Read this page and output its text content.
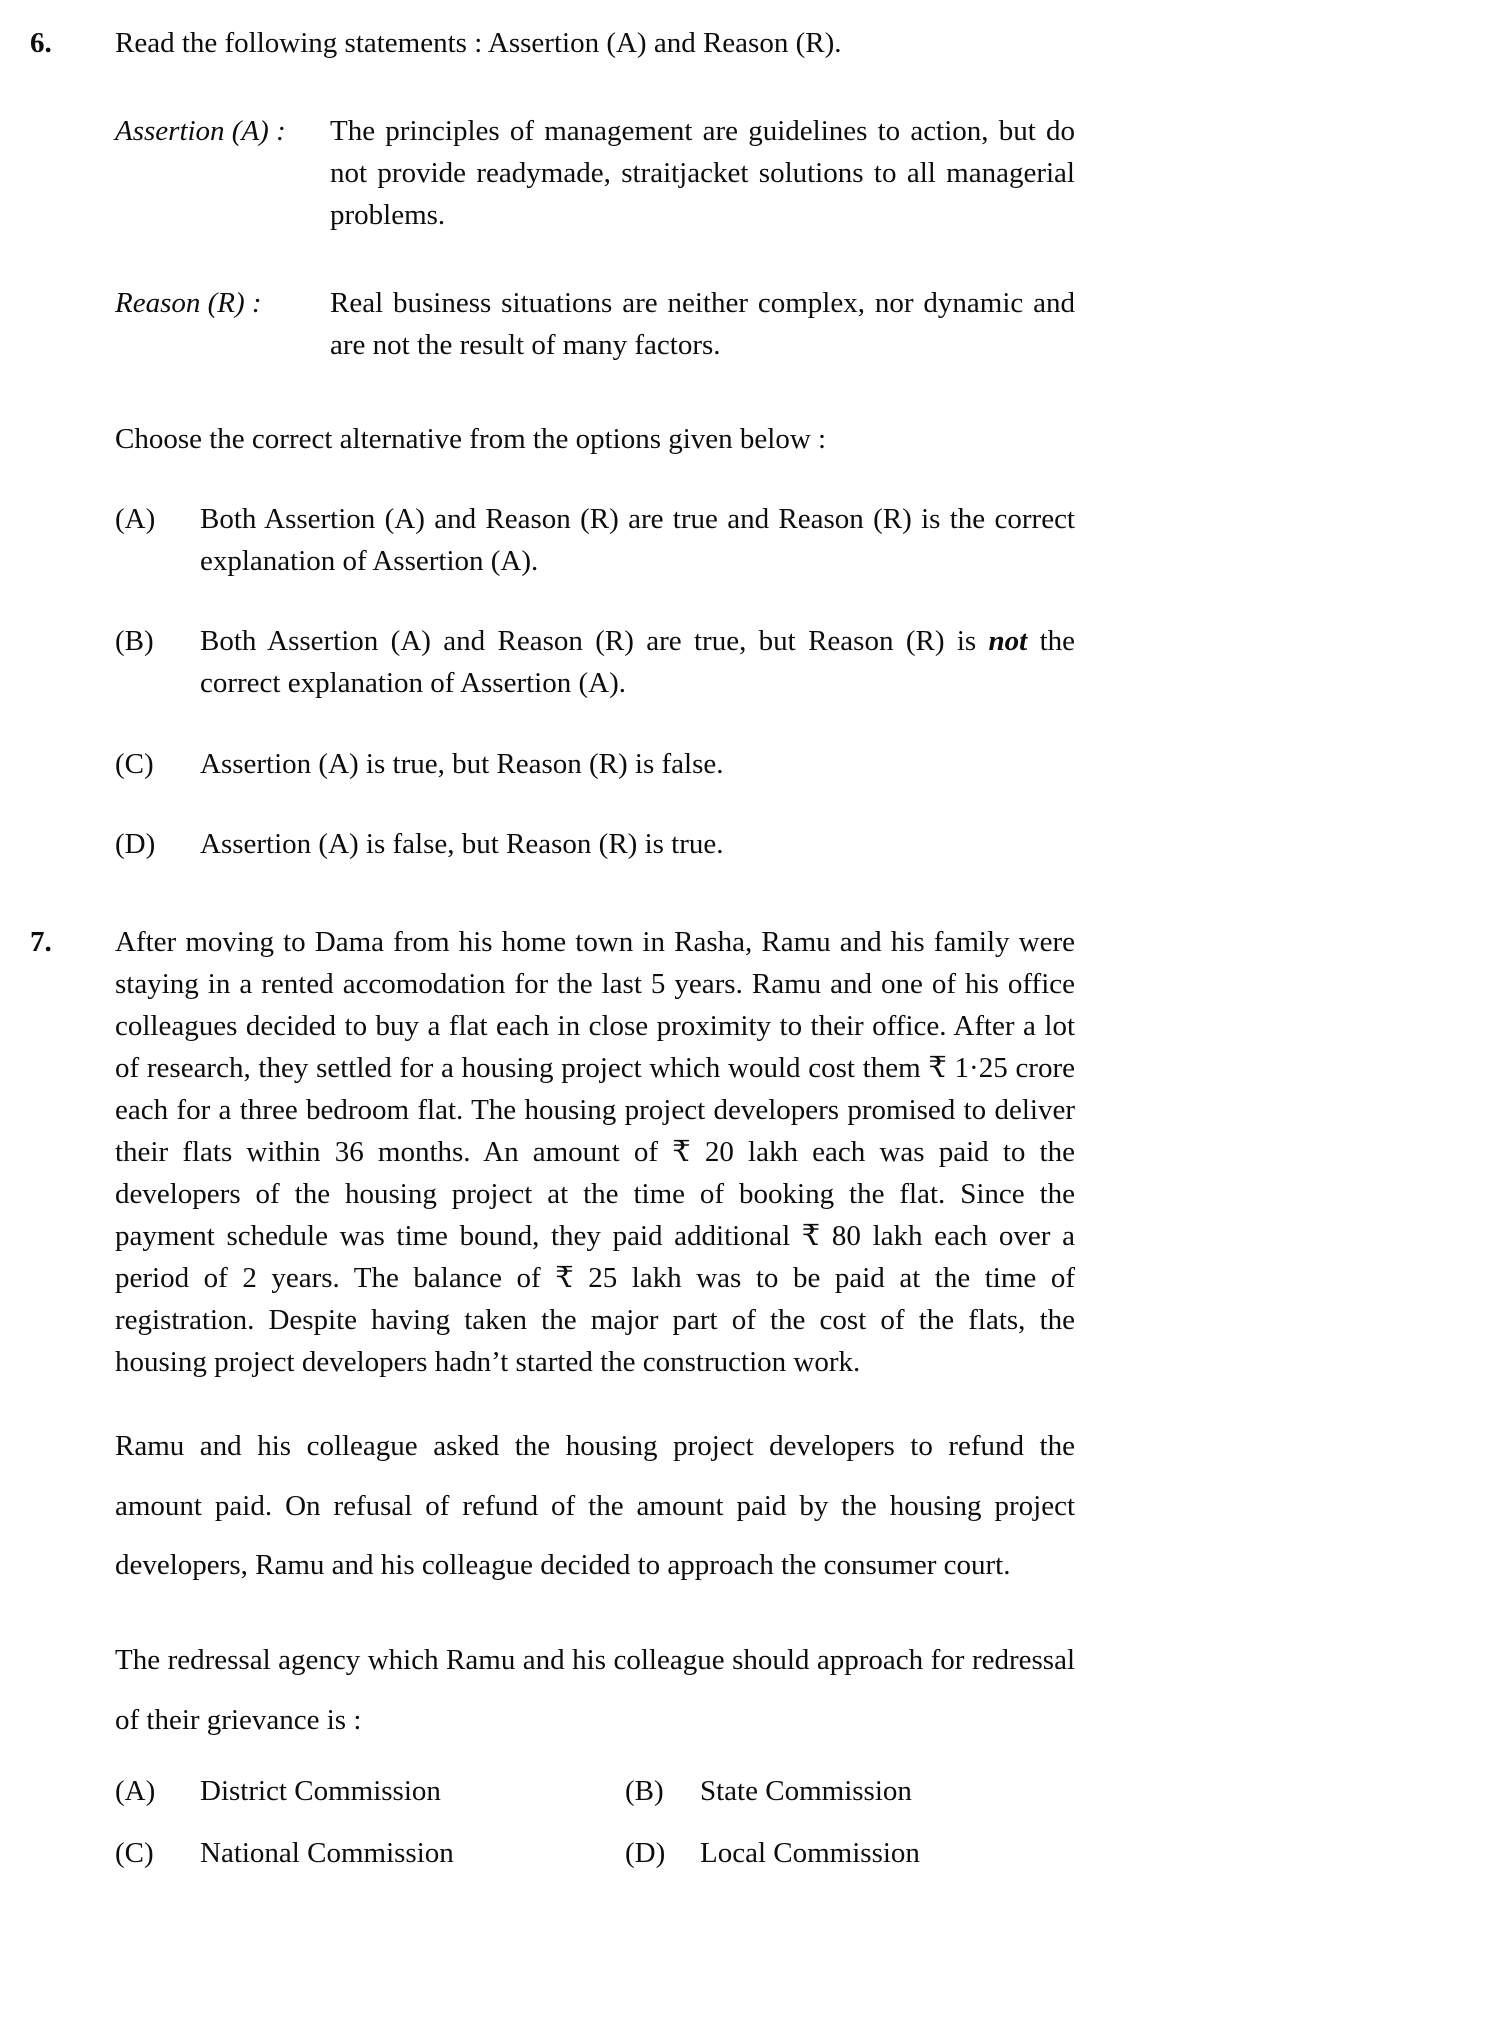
6.	Read the following statements : Assertion (A) and Reason (R).
Assertion (A) :	The principles of management are guidelines to action, but do not provide readymade, straitjacket solutions to all managerial problems.
Reason (R) :	Real business situations are neither complex, nor dynamic and are not the result of many factors.
Choose the correct alternative from the options given below :
(A)	Both Assertion (A) and Reason (R) are true and Reason (R) is the correct explanation of Assertion (A).
(B)	Both Assertion (A) and Reason (R) are true, but Reason (R) is not the correct explanation of Assertion (A).
(C)	Assertion (A) is true, but Reason (R) is false.
(D)	Assertion (A) is false, but Reason (R) is true.
7.	After moving to Dama from his home town in Rasha, Ramu and his family were staying in a rented accomodation for the last 5 years. Ramu and one of his office colleagues decided to buy a flat each in close proximity to their office. After a lot of research, they settled for a housing project which would cost them ₹ 1·25 crore each for a three bedroom flat. The housing project developers promised to deliver their flats within 36 months. An amount of ₹ 20 lakh each was paid to the developers of the housing project at the time of booking the flat. Since the payment schedule was time bound, they paid additional ₹ 80 lakh each over a period of 2 years. The balance of ₹ 25 lakh was to be paid at the time of registration. Despite having taken the major part of the cost of the flats, the housing project developers hadn’t started the construction work.
Ramu and his colleague asked the housing project developers to refund the amount paid. On refusal of refund of the amount paid by the housing project developers, Ramu and his colleague decided to approach the consumer court.
The redressal agency which Ramu and his colleague should approach for redressal of their grievance is :
(A)	District Commission	(B)	State Commission
(C)	National Commission	(D)	Local Commission
